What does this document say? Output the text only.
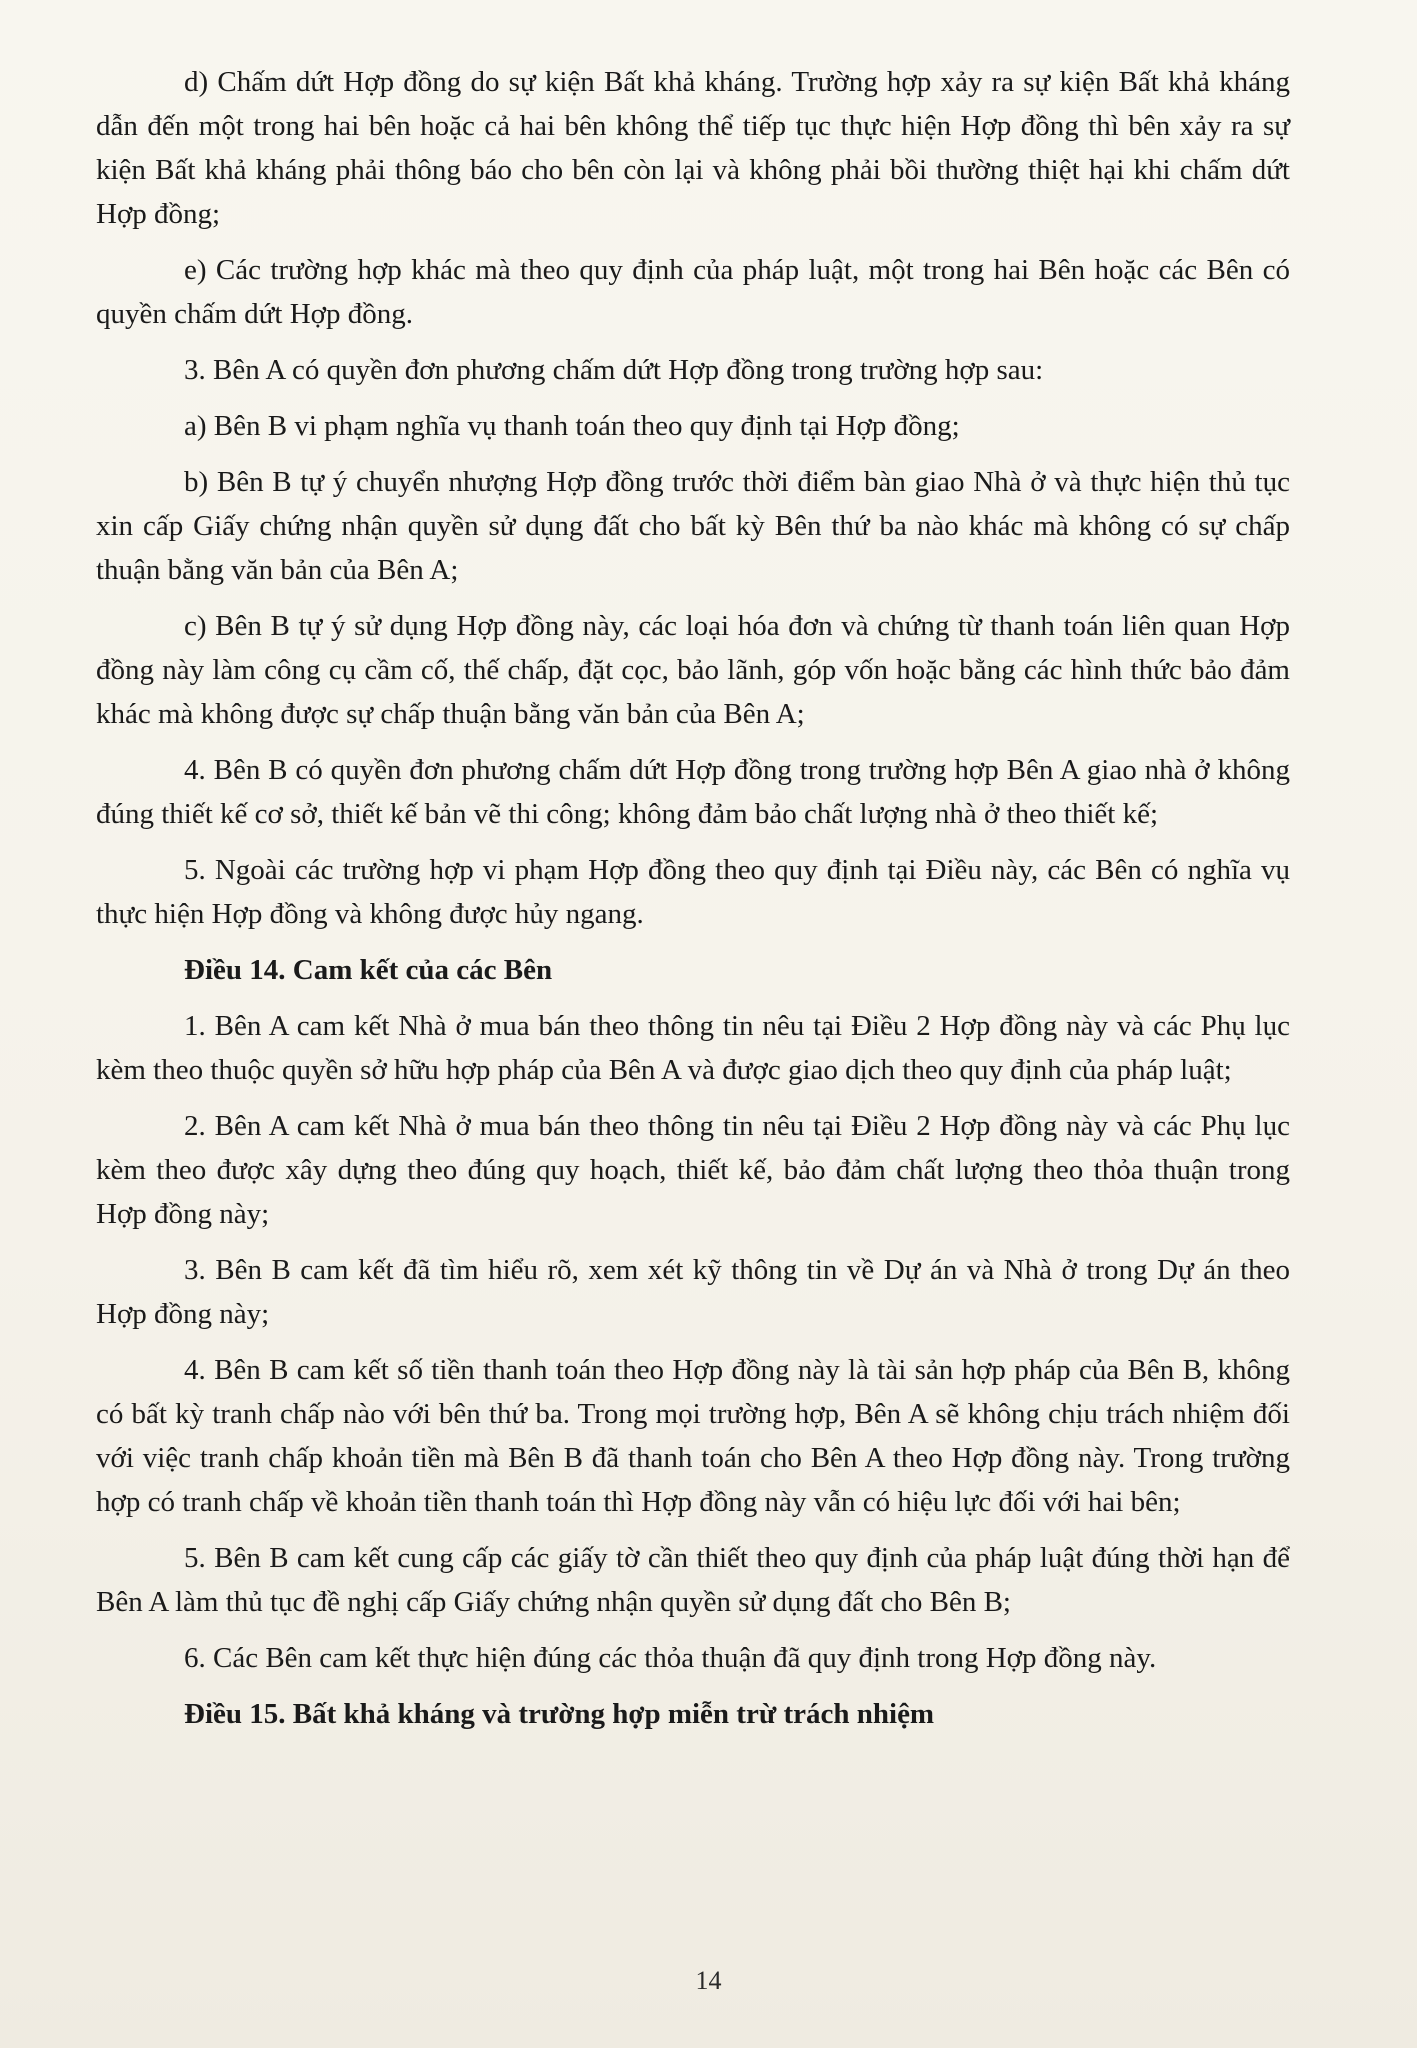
d) Chấm dứt Hợp đồng do sự kiện Bất khả kháng. Trường hợp xảy ra sự kiện Bất khả kháng dẫn đến một trong hai bên hoặc cả hai bên không thể tiếp tục thực hiện Hợp đồng thì bên xảy ra sự kiện Bất khả kháng phải thông báo cho bên còn lại và không phải bồi thường thiệt hại khi chấm dứt Hợp đồng;

e) Các trường hợp khác mà theo quy định của pháp luật, một trong hai Bên hoặc các Bên có quyền chấm dứt Hợp đồng.

3. Bên A có quyền đơn phương chấm dứt Hợp đồng trong trường hợp sau:

a) Bên B vi phạm nghĩa vụ thanh toán theo quy định tại Hợp đồng;

b) Bên B tự ý chuyển nhượng Hợp đồng trước thời điểm bàn giao Nhà ở và thực hiện thủ tục xin cấp Giấy chứng nhận quyền sử dụng đất cho bất kỳ Bên thứ ba nào khác mà không có sự chấp thuận bằng văn bản của Bên A;

c) Bên B tự ý sử dụng Hợp đồng này, các loại hóa đơn và chứng từ thanh toán liên quan Hợp đồng này làm công cụ cầm cố, thế chấp, đặt cọc, bảo lãnh, góp vốn hoặc bằng các hình thức bảo đảm khác mà không được sự chấp thuận bằng văn bản của Bên A;

4. Bên B có quyền đơn phương chấm dứt Hợp đồng trong trường hợp Bên A giao nhà ở không đúng thiết kế cơ sở, thiết kế bản vẽ thi công; không đảm bảo chất lượng nhà ở theo thiết kế;

5. Ngoài các trường hợp vi phạm Hợp đồng theo quy định tại Điều này, các Bên có nghĩa vụ thực hiện Hợp đồng và không được hủy ngang.

Điều 14. Cam kết của các Bên

1. Bên A cam kết Nhà ở mua bán theo thông tin nêu tại Điều 2 Hợp đồng này và các Phụ lục kèm theo thuộc quyền sở hữu hợp pháp của Bên A và được giao dịch theo quy định của pháp luật;

2. Bên A cam kết Nhà ở mua bán theo thông tin nêu tại Điều 2 Hợp đồng này và các Phụ lục kèm theo được xây dựng theo đúng quy hoạch, thiết kế, bảo đảm chất lượng theo thỏa thuận trong Hợp đồng này;

3. Bên B cam kết đã tìm hiểu rõ, xem xét kỹ thông tin về Dự án và Nhà ở trong Dự án theo Hợp đồng này;

4. Bên B cam kết số tiền thanh toán theo Hợp đồng này là tài sản hợp pháp của Bên B, không có bất kỳ tranh chấp nào với bên thứ ba. Trong mọi trường hợp, Bên A sẽ không chịu trách nhiệm đối với việc tranh chấp khoản tiền mà Bên B đã thanh toán cho Bên A theo Hợp đồng này. Trong trường hợp có tranh chấp về khoản tiền thanh toán thì Hợp đồng này vẫn có hiệu lực đối với hai bên;

5. Bên B cam kết cung cấp các giấy tờ cần thiết theo quy định của pháp luật đúng thời hạn để Bên A làm thủ tục đề nghị cấp Giấy chứng nhận quyền sử dụng đất cho Bên B;

6. Các Bên cam kết thực hiện đúng các thỏa thuận đã quy định trong Hợp đồng này.

Điều 15. Bất khả kháng và trường hợp miễn trừ trách nhiệm

14
